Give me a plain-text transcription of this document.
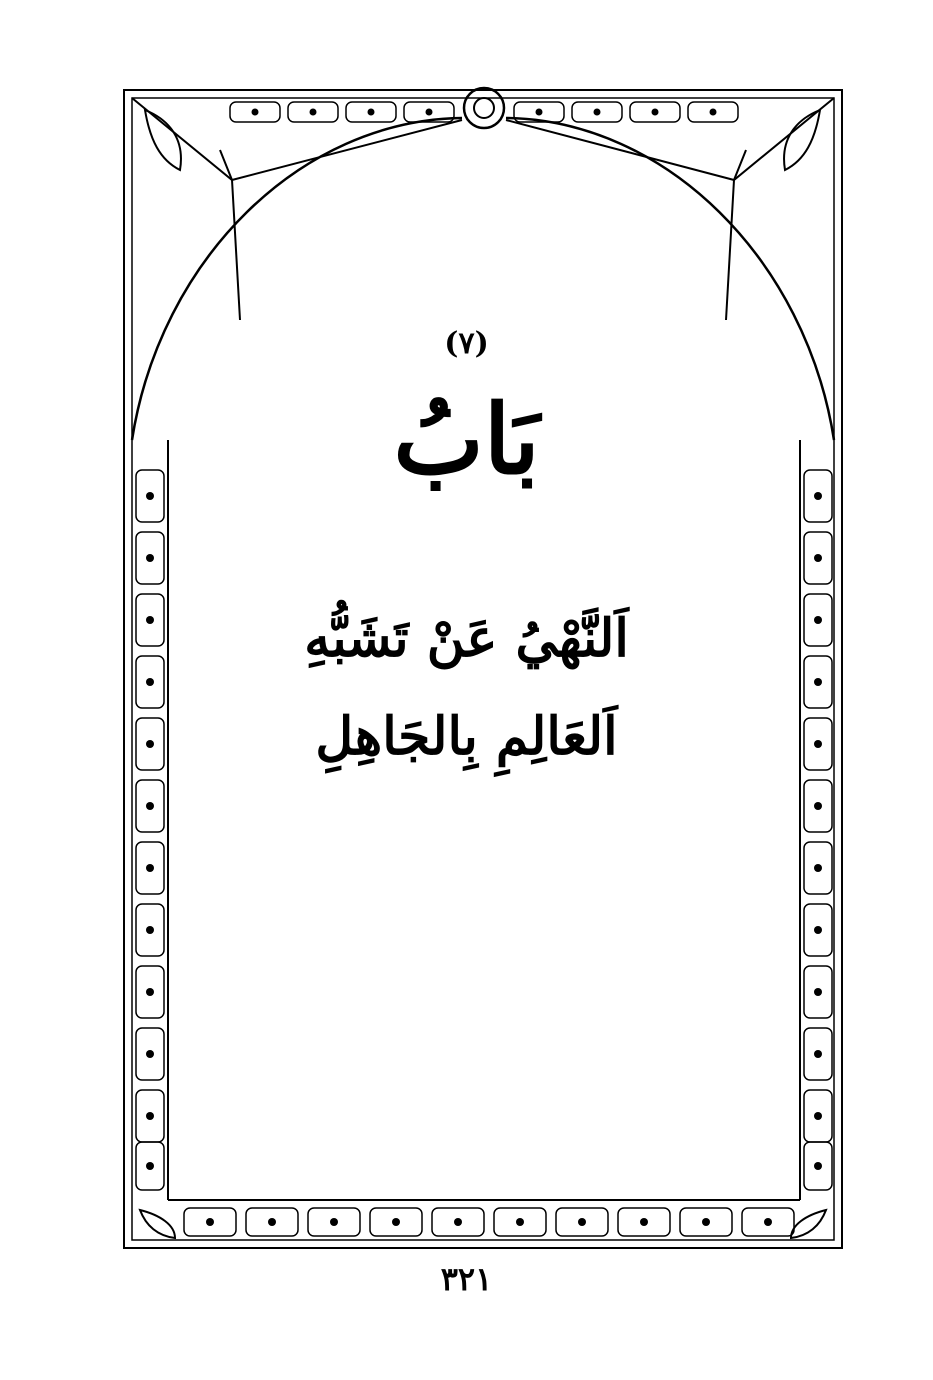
(٧)
بَابُ
اَلنَّهْيُ عَنْ تَشَبُّهِ
اَلعَالِمِ بِالجَاهِلِ
٣٢١
